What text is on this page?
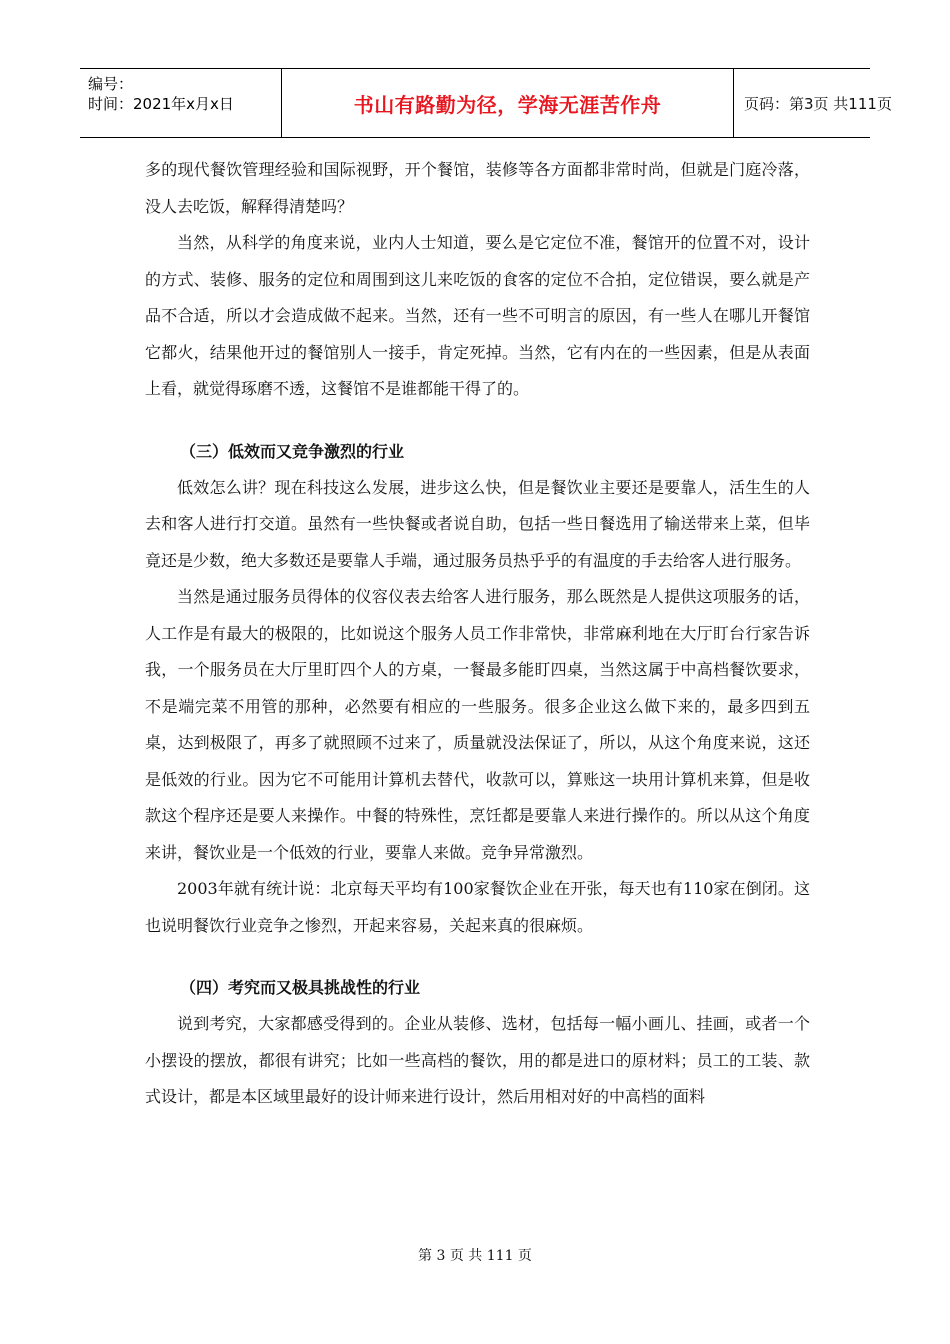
编号：
时间：2021年x月x日	书山有路勤为径，学海无涯苦作舟	页码：第3页 共111页

多的现代餐饮管理经验和国际视野，开个餐馆，装修等各方面都非常时尚，但就是门庭冷落，没人去吃饭，解释得清楚吗？

当然，从科学的角度来说，业内人士知道，要么是它定位不准，餐馆开的位置不对，设计的方式、装修、服务的定位和周围到这儿来吃饭的食客的定位不合拍，定位错误，要么就是产品不合适，所以才会造成做不起来。当然，还有一些不可明言的原因，有一些人在哪儿开餐馆它都火，结果他开过的餐馆别人一接手，肯定死掉。当然，它有内在的一些因素，但是从表面上看，就觉得琢磨不透，这餐馆不是谁都能干得了的。

（三）低效而又竞争激烈的行业

低效怎么讲？现在科技这么发展，进步这么快，但是餐饮业主要还是要靠人，活生生的人去和客人进行打交道。虽然有一些快餐或者说自助，包括一些日餐选用了输送带来上菜，但毕竟还是少数，绝大多数还是要靠人手端，通过服务员热乎乎的有温度的手去给客人进行服务。

当然是通过服务员得体的仪容仪表去给客人进行服务，那么既然是人提供这项服务的话，人工作是有最大的极限的，比如说这个服务人员工作非常快，非常麻利地在大厅盯台行家告诉我，一个服务员在大厅里盯四个人的方桌，一餐最多能盯四桌，当然这属于中高档餐饮要求，不是端完菜不用管的那种，必然要有相应的一些服务。很多企业这么做下来的，最多四到五桌，达到极限了，再多了就照顾不过来了，质量就没法保证了，所以，从这个角度来说，这还是低效的行业。因为它不可能用计算机去替代，收款可以，算账这一块用计算机来算，但是收款这个程序还是要人来操作。中餐的特殊性，烹饪都是要靠人来进行操作的。所以从这个角度来讲，餐饮业是一个低效的行业，要靠人来做。竞争异常激烈。

2003年就有统计说：北京每天平均有100家餐饮企业在开张，每天也有110家在倒闭。这也说明餐饮行业竞争之惨烈，开起来容易，关起来真的很麻烦。

（四）考究而又极具挑战性的行业

说到考究，大家都感受得到的。企业从装修、选材，包括每一幅小画儿、挂画，或者一个小摆设的摆放，都很有讲究；比如一些高档的餐饮，用的都是进口的原材料；员工的工装、款式设计，都是本区域里最好的设计师来进行设计，然后用相对好的中高档的面料

第 3 页 共 111 页
